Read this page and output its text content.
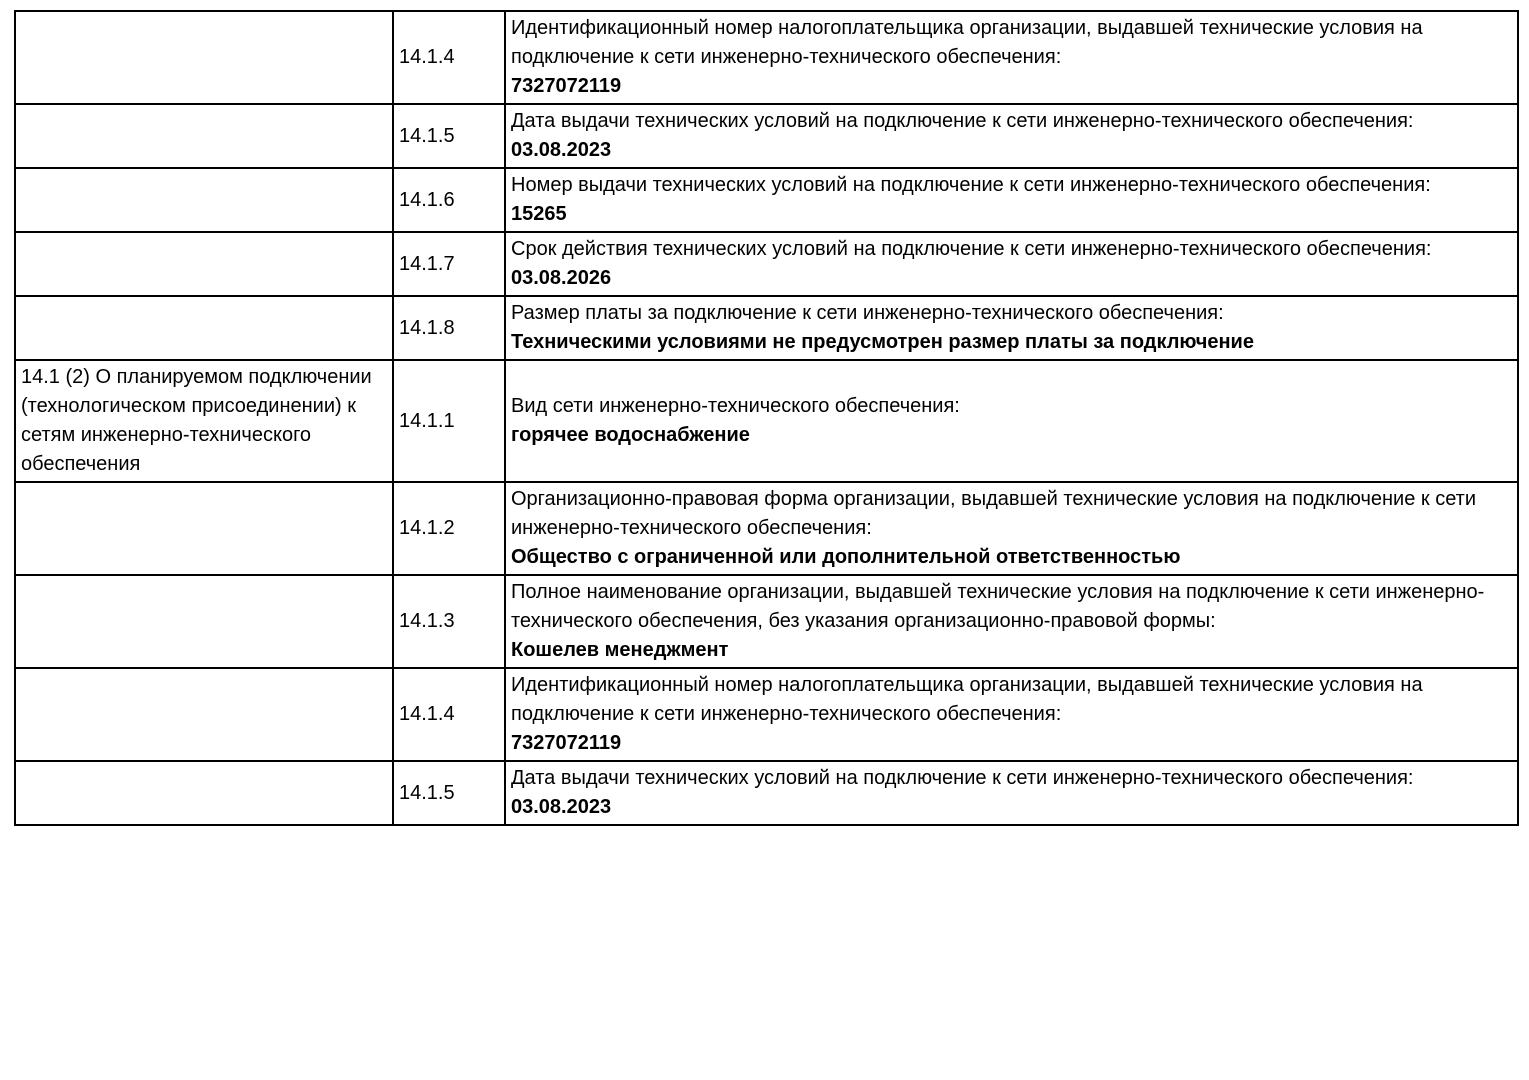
	14.1.4	Идентификационный номер налогоплательщика организации, выдавшей технические условия на подключение к сети инженерно-технического обеспечения:
7327072119

	14.1.5	Дата выдачи технических условий на подключение к сети инженерно-технического обеспечения:
03.08.2023

	14.1.6	Номер выдачи технических условий на подключение к сети инженерно-технического обеспечения:
15265

	14.1.7	Срок действия технических условий на подключение к сети инженерно-технического обеспечения:
03.08.2026

	14.1.8	Размер платы за подключение к сети инженерно-технического обеспечения:
Техническими условиями не предусмотрен размер платы за подключение

14.1 (2) О планируемом подключении (технологическом присоединении) к сетям инженерно-технического обеспечения	14.1.1	Вид сети инженерно-технического обеспечения:
горячее водоснабжение

	14.1.2	Организационно-правовая форма организации, выдавшей технические условия на подключение к сети инженерно-технического обеспечения:
Общество с ограниченной или дополнительной ответственностью

	14.1.3	Полное наименование организации, выдавшей технические условия на подключение к сети инженерно-технического обеспечения, без указания организационно-правовой формы:
Кошелев менеджмент

	14.1.4	Идентификационный номер налогоплательщика организации, выдавшей технические условия на подключение к сети инженерно-технического обеспечения:
7327072119

	14.1.5	Дата выдачи технических условий на подключение к сети инженерно-технического обеспечения:
03.08.2023
